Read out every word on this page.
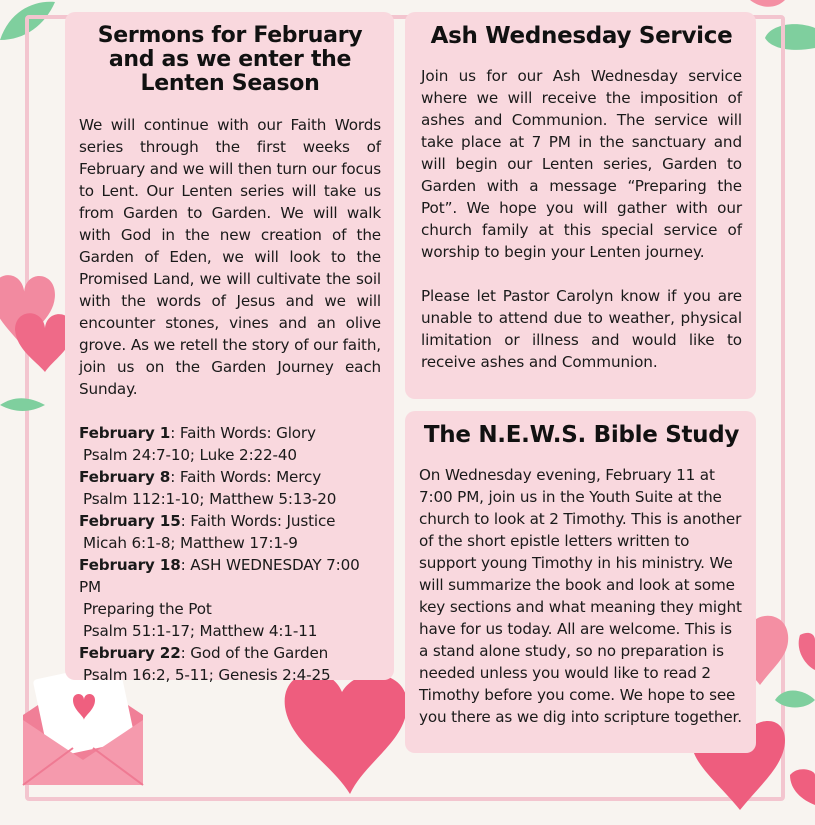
Sermons for February and as we enter the Lenten Season
We will continue with our Faith Words series through the first weeks of February and we will then turn our focus to Lent. Our Lenten series will take us from Garden to Garden. We will walk with God in the new creation of the Garden of Eden, we will look to the Promised Land, we will cultivate the soil with the words of Jesus and we will encounter stones, vines and an olive grove. As we retell the story of our faith, join us on the Garden Journey each Sunday.
February 1: Faith Words: Glory
Psalm 24:7-10; Luke 2:22-40
February 8: Faith Words: Mercy
Psalm 112:1-10; Matthew 5:13-20
February 15: Faith Words: Justice
Micah 6:1-8; Matthew 17:1-9
February 18: ASH WEDNESDAY 7:00 PM
Preparing the Pot
Psalm 51:1-17; Matthew 4:1-11
February 22: God of the Garden
Psalm 16:2, 5-11; Genesis 2:4-25
Ash Wednesday Service

Join us for our Ash Wednesday service where we will receive the imposition of ashes and Communion. The service will take place at 7 PM in the sanctuary and will begin our Lenten series, Garden to Garden with a message “Preparing the Pot”. We hope you will gather with our church family at this special service of worship to begin your Lenten journey.

Please let Pastor Carolyn know if you are unable to attend due to weather, physical limitation or illness and would like to receive ashes and Communion.

The N.E.W.S. Bible Study
On Wednesday evening, February 11 at 7:00 PM, join us in the Youth Suite at the church to look at 2 Timothy. This is another of the short epistle letters written to support young Timothy in his ministry. We will summarize the book and look at some key sections and what meaning they might have for us today. All are welcome. This is a stand alone study, so no preparation is needed unless you would like to read 2 Timothy before you come. We hope to see you there as we dig into scripture together.
